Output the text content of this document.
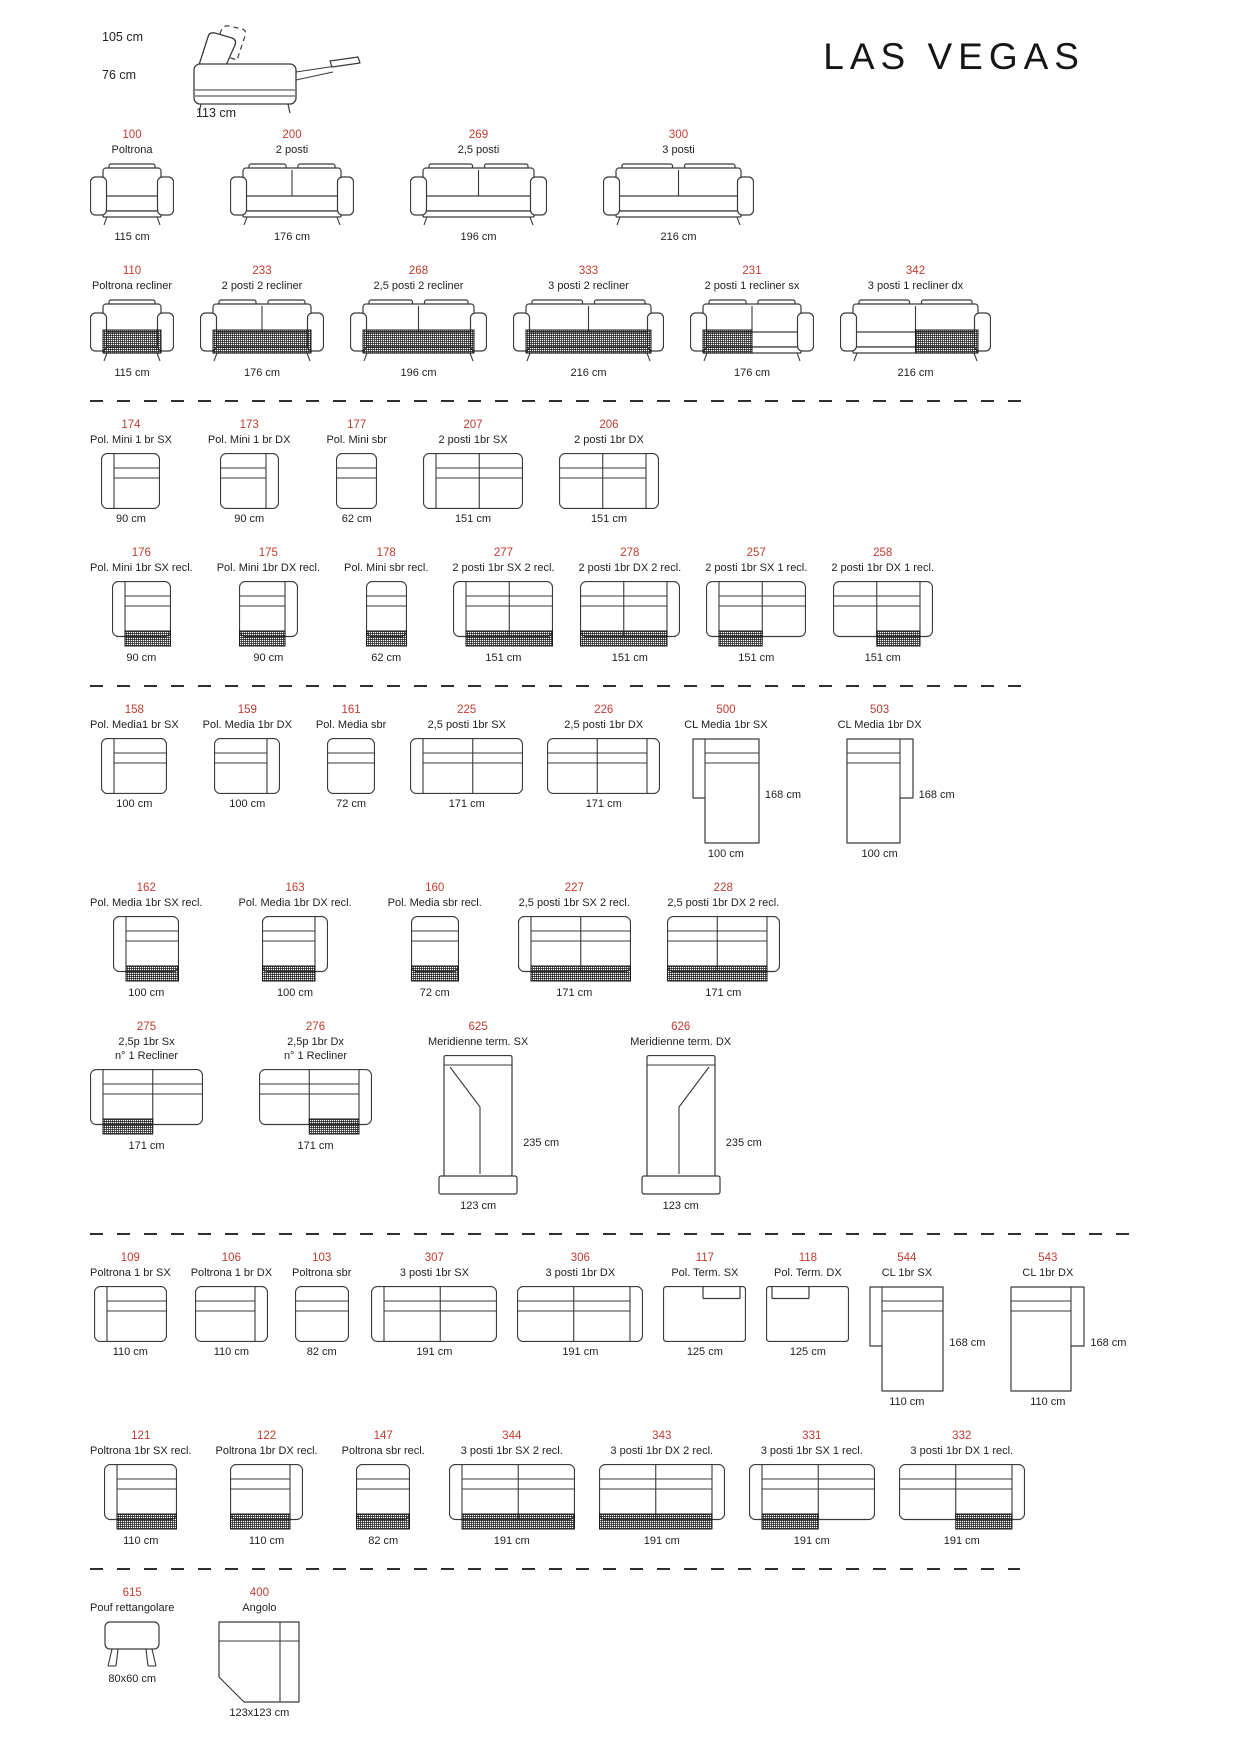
105 cm
76 cm
113 cm
LAS VEGAS
100
Poltrona
115 cm
200
2 posti
176 cm
269
2,5 posti
196 cm
300
3 posti
216 cm
110
Poltrona recliner
115 cm
233
2 posti 2 recliner
176 cm
268
2,5 posti 2 recliner
196 cm
333
3 posti 2 recliner
216 cm
231
2 posti 1 recliner sx
176 cm
342
3 posti 1 recliner dx
216 cm
174
Pol. Mini 1 br SX
90 cm
173
Pol. Mini 1 br DX
90 cm
177
Pol. Mini sbr
62 cm
207
2 posti 1br SX
151 cm
206
2 posti 1br DX
151 cm
176
Pol. Mini 1br SX recl.
90 cm
175
Pol. Mini 1br DX recl.
90 cm
178
Pol. Mini sbr recl.
62 cm
277
2 posti 1br SX 2 recl.
151 cm
278
2 posti 1br DX 2 recl.
151 cm
257
2 posti 1br SX 1 recl.
151 cm
258
2 posti 1br DX 1 recl.
151 cm
158
Pol. Media1 br SX
100 cm
159
Pol. Media 1br DX
100 cm
161
Pol. Media sbr
72 cm
225
2,5 posti 1br SX
171 cm
226
2,5 posti 1br DX
171 cm
500
CL Media 1br SX
168 cm
100 cm
503
CL Media 1br DX
168 cm
100 cm
162
Pol. Media 1br SX recl.
100 cm
163
Pol. Media 1br DX recl.
100 cm
160
Pol. Media sbr recl.
72 cm
227
2,5 posti 1br SX 2 recl.
171 cm
228
2,5 posti 1br DX 2 recl.
171 cm
275
2,5p 1br Sx
n° 1 Recliner
171 cm
276
2,5p 1br Dx
n° 1 Recliner
171 cm
625
Meridienne term. SX
235 cm
123 cm
626
Meridienne term. DX
235 cm
123 cm
109
Poltrona 1 br SX
110 cm
106
Poltrona 1 br DX
110 cm
103
Poltrona sbr
82 cm
307
3 posti 1br SX
191 cm
306
3 posti 1br DX
191 cm
117
Pol. Term. SX
125 cm
118
Pol. Term. DX
125 cm
544
CL 1br SX
168 cm
110 cm
543
CL 1br DX
168 cm
110 cm
121
Poltrona 1br SX recl.
110 cm
122
Poltrona 1br DX recl.
110 cm
147
Poltrona sbr recl.
82 cm
344
3 posti 1br SX 2 recl.
191 cm
343
3 posti 1br DX 2 recl.
191 cm
331
3 posti 1br SX 1 recl.
191 cm
332
3 posti 1br DX 1 recl.
191 cm
615
Pouf rettangolare
80x60 cm
400
Angolo
123x123 cm
